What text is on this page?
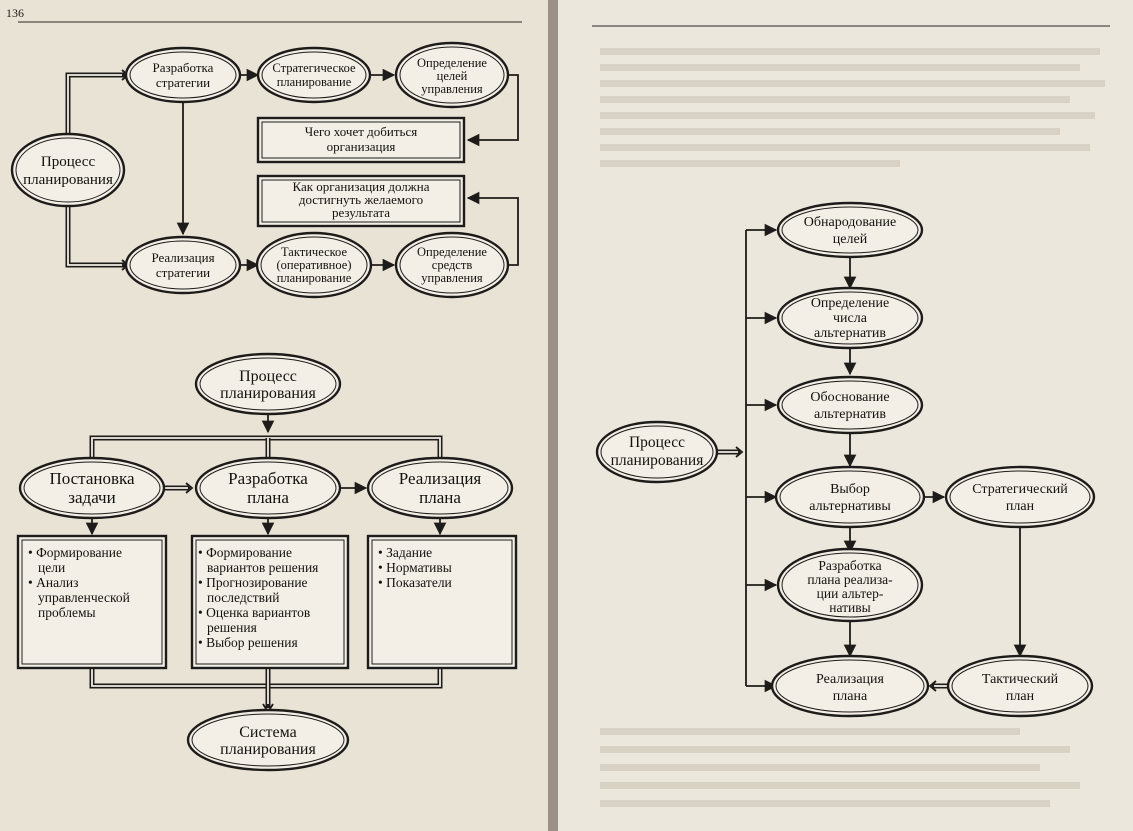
136
Процесс
планирования
Разработка
стратегии
Стратегическое
планирование
Определение
целей
управления
Чего хочет добиться
организация
Как организация должна
достигнуть желаемого
результата
Реализация
стратегии
Тактическое
(оперативное)
планирование
Определение
средств
управления
Процесс
планирования
Постановка
задачи
Разработка
плана
Реализация
плана
• Формирование цели • Анализ управленческой проблемы
• Формирование вариантов решения • Прогнозирование последствий • Оценка вариантов решения • Выбор решения
• Задание • Нормативы • Показатели
Система
планирования
Процесс
планирования
Обнародование
целей
Определение
числа
альтернатив
Обоснование
альтернатив
Выбор
альтернативы
Разработка
плана реализа-
ции альтер-
нативы
Реализация
плана
Стратегический
план
Тактический
план
